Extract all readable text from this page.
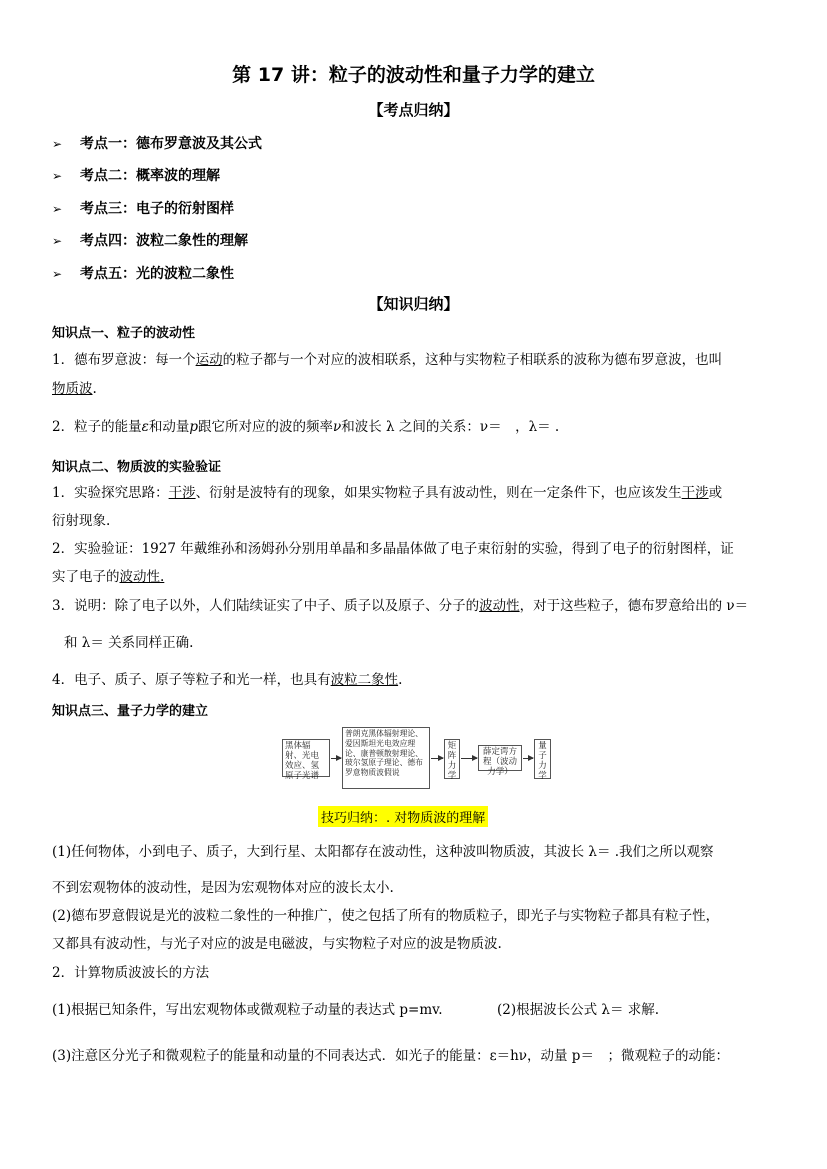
第 17 讲：粒子的波动性和量子力学的建立
【考点归纳】
➢ 考点一：德布罗意波及其公式
➢ 考点二：概率波的理解
➢ 考点三：电子的衍射图样
➢ 考点四：波粒二象性的理解
➢ 考点五：光的波粒二象性
【知识归纳】
知识点一、粒子的波动性
1．德布罗意波：每一个运动的粒子都与一个对应的波相联系，这种与实物粒子相联系的波称为德布罗意波，也叫
物质波.
2．粒子的能量ε和动量p跟它所对应的波的频率ν和波长 λ 之间的关系：ν＝　，λ＝ .
知识点二、物质波的实验验证
1．实验探究思路：干涉、衍射是波特有的现象，如果实物粒子具有波动性，则在一定条件下，也应该发生干涉或
衍射现象.
2．实验验证：1927 年戴维孙和汤姆孙分别用单晶和多晶晶体做了电子束衍射的实验，得到了电子的衍射图样，证
实了电子的波动性.
3．说明：除了电子以外，人们陆续证实了中子、质子以及原子、分子的波动性，对于这些粒子，德布罗意给出的 ν＝
和 λ＝ 关系同样正确.
4．电子、质子、原子等粒子和光一样，也具有波粒二象性.
知识点三、量子力学的建立
黑体辐射、光电效应、氢原子光谱
普朗克黑体辐射理论、爱因斯坦光电效应理论、康普顿散射理论、玻尔氢原子理论、德布罗意物质波假说
矩阵力学
薛定谔方程（波动力学）
量子力学
技巧归纳：. 对物质波的理解
(1)任何物体，小到电子、质子，大到行星、太阳都存在波动性，这种波叫物质波，其波长 λ＝ .我们之所以观察
不到宏观物体的波动性，是因为宏观物体对应的波长太小.
(2)德布罗意假说是光的波粒二象性的一种推广，使之包括了所有的物质粒子，即光子与实物粒子都具有粒子性，
又都具有波动性，与光子对应的波是电磁波，与实物粒子对应的波是物质波.
2．计算物质波波长的方法
(1)根据已知条件，写出宏观物体或微观粒子动量的表达式 p=mv.	(2)根据波长公式 λ＝ 求解.
(3)注意区分光子和微观粒子的能量和动量的不同表达式．如光子的能量：ε＝hν，动量 p＝　；微观粒子的动能：
